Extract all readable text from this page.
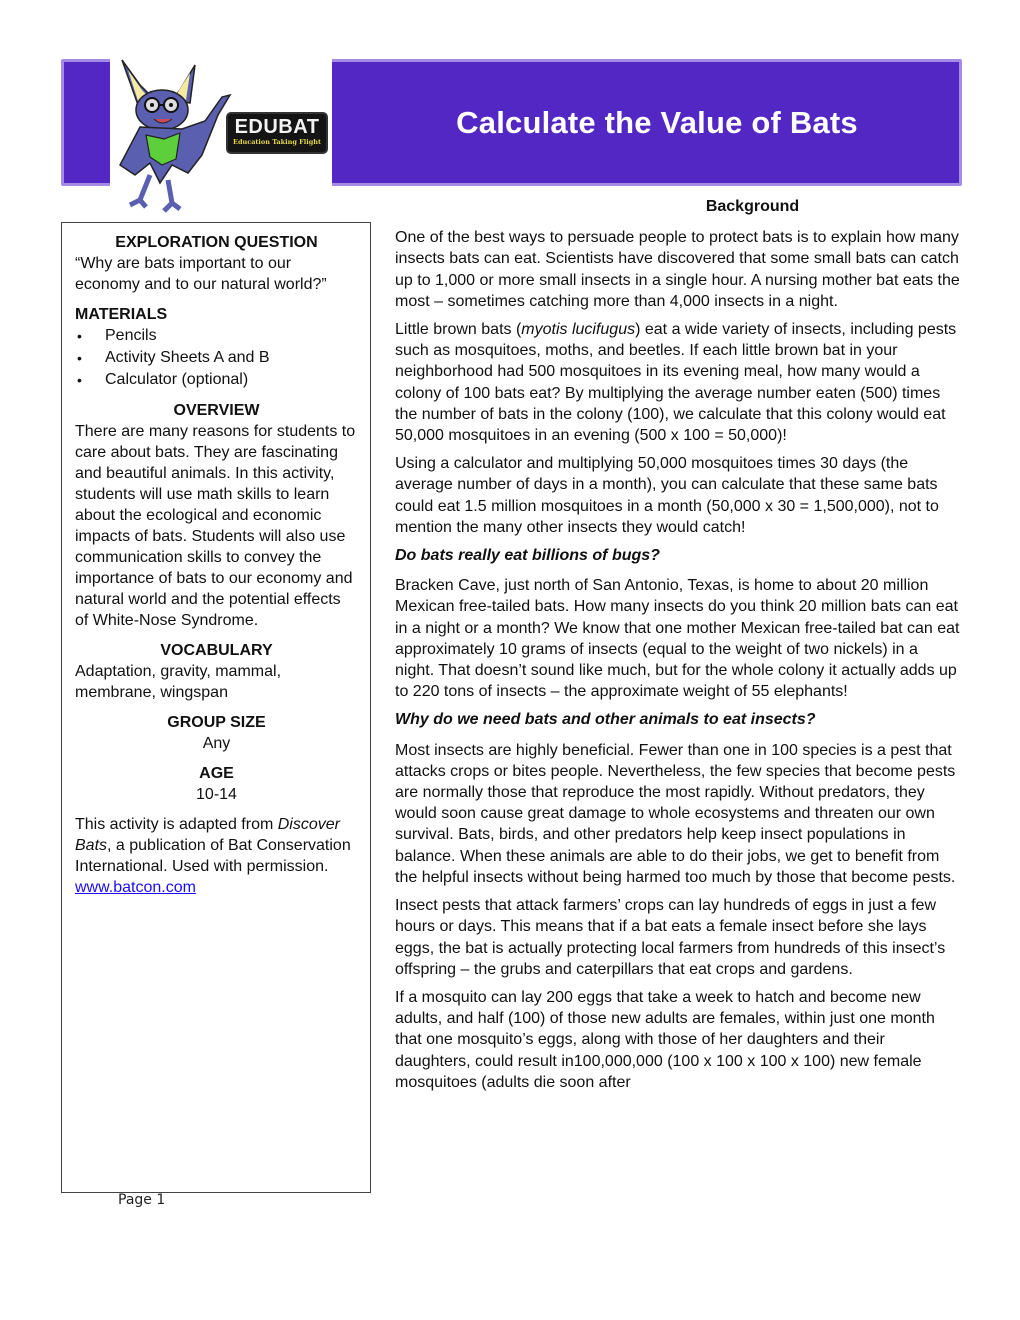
Calculate the Value of Bats
EDUBAT
Education Taking Flight
EXPLORATION QUESTION
“Why are bats important to our economy and to our natural world?”
MATERIALS
• Pencils
• Activity Sheets A and B
• Calculator (optional)
OVERVIEW
There are many reasons for students to care about bats. They are fascinating and beautiful animals. In this activity, students will use math skills to learn about the ecological and economic impacts of bats. Students will also use communication skills to convey the importance of bats to our economy and natural world and the potential effects of White-Nose Syndrome.
VOCABULARY
Adaptation, gravity, mammal, membrane, wingspan
GROUP SIZE
Any
AGE
10-14
This activity is adapted from Discover Bats, a publication of Bat Conservation International. Used with permission. www.batcon.com
Page 1
Background

One of the best ways to persuade people to protect bats is to explain how many insects bats can eat. Scientists have discovered that some small bats can catch up to 1,000 or more small insects in a single hour. A nursing mother bat eats the most – sometimes catching more than 4,000 insects in a night.

Little brown bats (myotis lucifugus) eat a wide variety of insects, including pests such as mosquitoes, moths, and beetles. If each little brown bat in your neighborhood had 500 mosquitoes in its evening meal, how many would a colony of 100 bats eat? By multiplying the average number eaten (500) times the number of bats in the colony (100), we calculate that this colony would eat 50,000 mosquitoes in an evening (500 x 100 = 50,000)!

Using a calculator and multiplying 50,000 mosquitoes times 30 days (the average number of days in a month), you can calculate that these same bats could eat 1.5 million mosquitoes in a month (50,000 x 30 = 1,500,000), not to mention the many other insects they would catch!

Do bats really eat billions of bugs?

Bracken Cave, just north of San Antonio, Texas, is home to about 20 million Mexican free-tailed bats. How many insects do you think 20 million bats can eat in a night or a month? We know that one mother Mexican free-tailed bat can eat approximately 10 grams of insects (equal to the weight of two nickels) in a night. That doesn’t sound like much, but for the whole colony it actually adds up to 220 tons of insects – the approximate weight of 55 elephants!

Why do we need bats and other animals to eat insects?

Most insects are highly beneficial. Fewer than one in 100 species is a pest that attacks crops or bites people. Nevertheless, the few species that become pests are normally those that reproduce the most rapidly. Without predators, they would soon cause great damage to whole ecosystems and threaten our own survival. Bats, birds, and other predators help keep insect populations in balance. When these animals are able to do their jobs, we get to benefit from the helpful insects without being harmed too much by those that become pests.

Insect pests that attack farmers’ crops can lay hundreds of eggs in just a few hours or days. This means that if a bat eats a female insect before she lays eggs, the bat is actually protecting local farmers from hundreds of this insect’s offspring – the grubs and caterpillars that eat crops and gardens.

If a mosquito can lay 200 eggs that take a week to hatch and become new adults, and half (100) of those new adults are females, within just one month that one mosquito’s eggs, along with those of her daughters and their daughters, could result in100,000,000 (100 x 100 x 100 x 100) new female mosquitoes (adults die soon after
